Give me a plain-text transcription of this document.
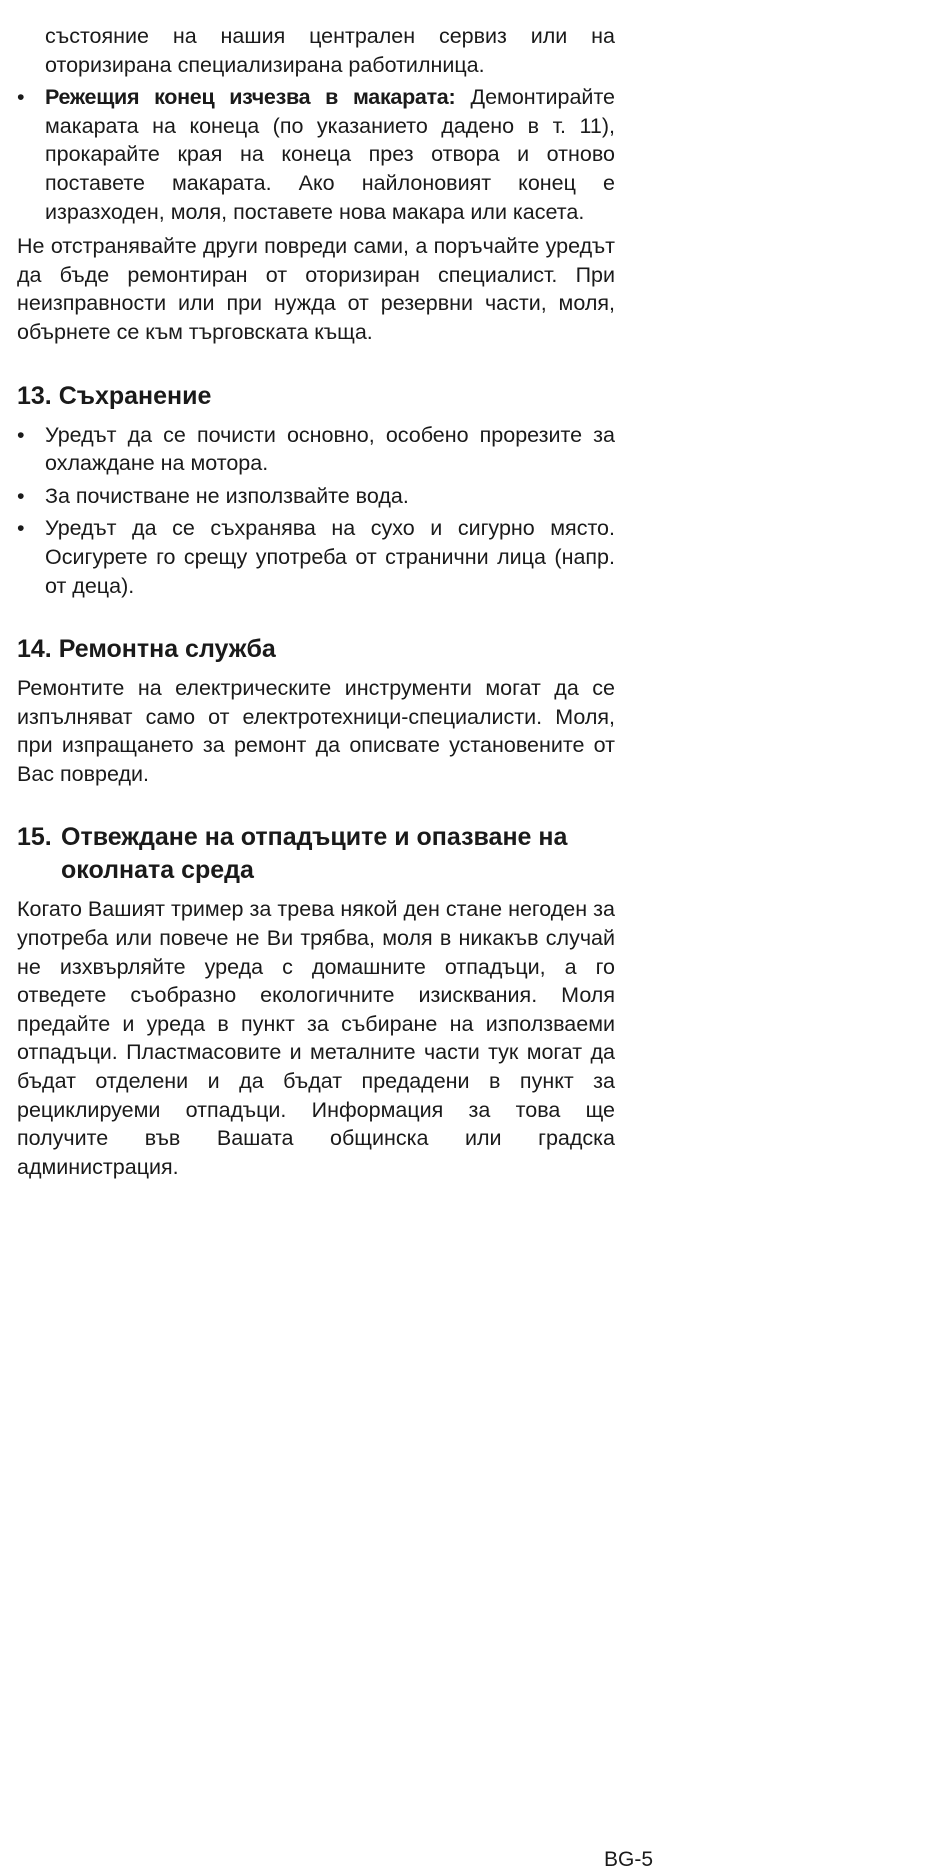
състояние на нашия централен сервиз или на оторизирана специализирана работилница.

• Режещия конец изчезва в макарата: Демонтирайте макарата на конеца (по указанието дадено в т. 11), прокарайте края на конеца през отвора и отново поставете макарата. Ако найлоновият конец е изразходен, моля, поставете нова макара или касета.

Не отстранявайте други повреди сами, а поръчайте уредът да бъде ремонтиран от оторизиран специалист. При неизправности или при нужда от резервни части, моля, обърнете се към търговската къща.

13. Съхранение
• Уредът да се почисти основно, особено прорезите за охлаждане на мотора.
• За почистване не използвайте вода.
• Уредът да се съхранява на сухо и сигурно място. Осигурете го срещу употреба от странични лица (напр. от деца).
14. Ремонтна служба

Ремонтите на електрическите инструменти могат да се изпълняват само от електротехници-специалисти. Моля, при изпращането за ремонт да описвате установените от Вас повреди.

15. Отвеждане на отпадъците и опазване на околната среда

Когато Вашият тример за трева някой ден стане негоден за употреба или повече не Ви трябва, моля в никакъв случай не изхвърляйте уреда с домашните отпадъци, а го отведете съобразно екологичните изисквания. Моля предайте и уреда в пункт за събиране на използваеми отпадъци. Пластмасовите и металните части тук могат да бъдат отделени и да бъдат предадени в пункт за рециклируеми отпадъци. Информация за това ще получите във Вашата общинска или градска администрация.

BG-5
